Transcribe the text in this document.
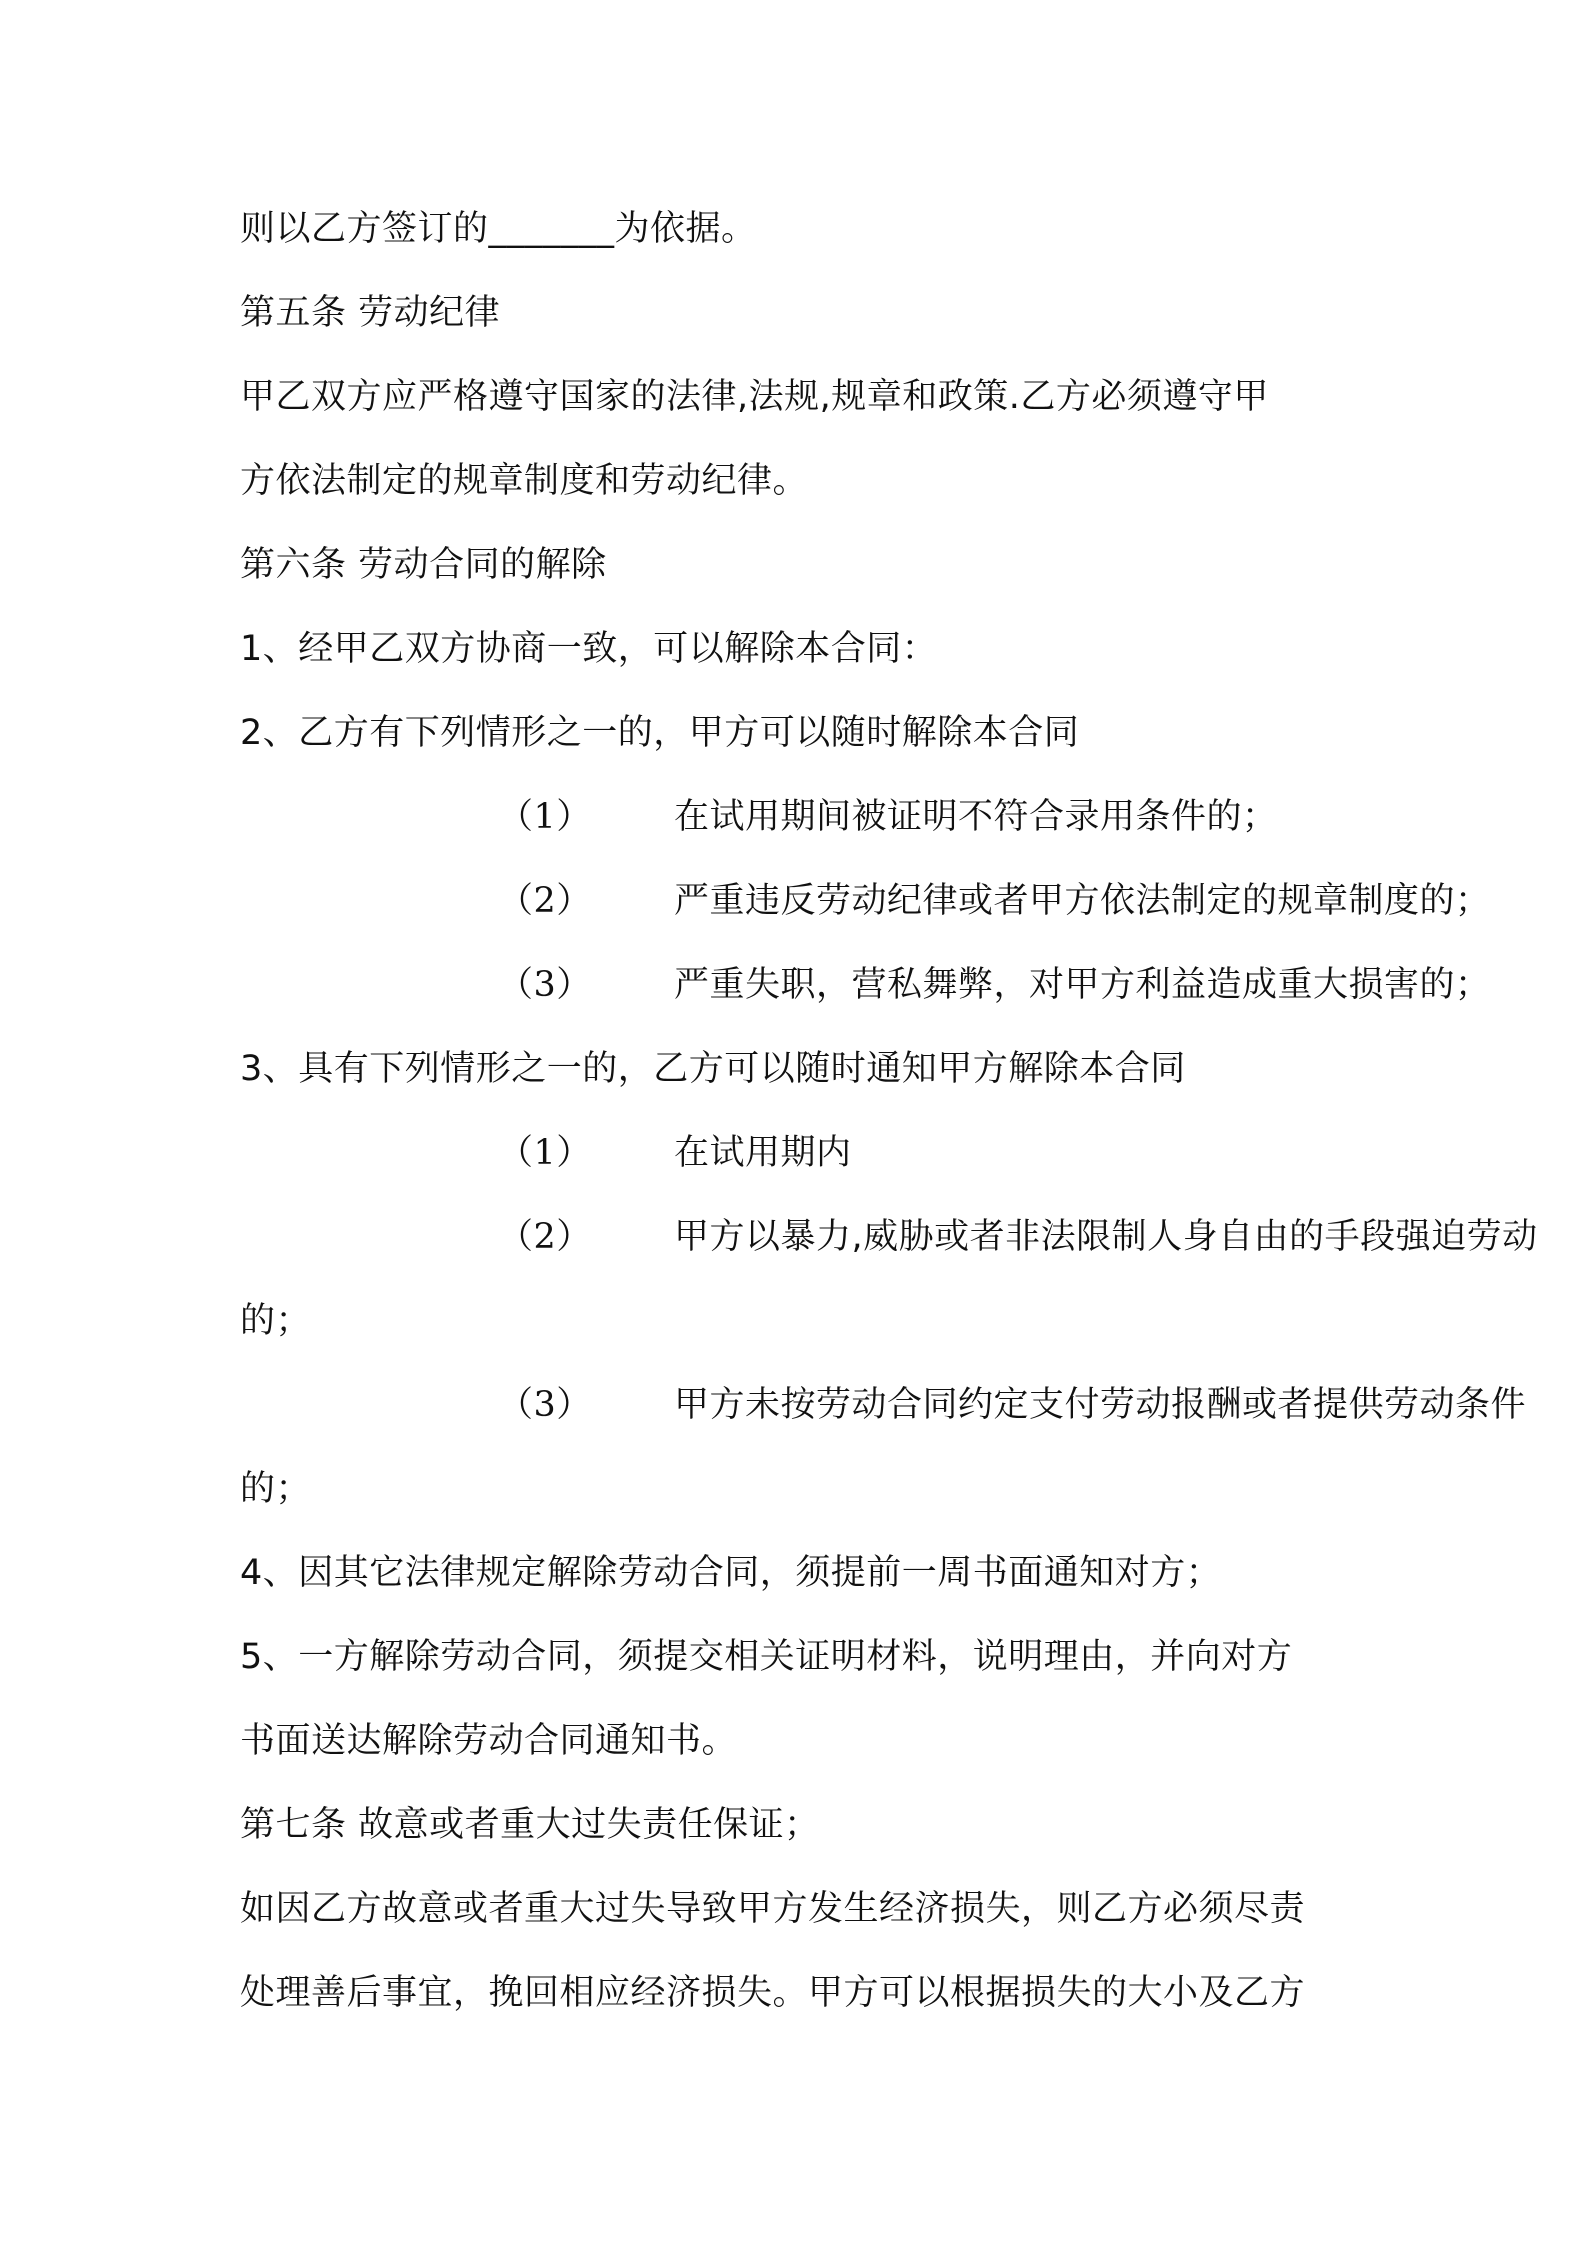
则以乙方签订的_______为依据。
第五条 劳动纪律
甲乙双方应严格遵守国家的法律,法规,规章和政策.乙方必须遵守甲
方依法制定的规章制度和劳动纪律。
第六条 劳动合同的解除
1、经甲乙双方协商一致，可以解除本合同：
2、乙方有下列情形之一的，甲方可以随时解除本合同
（1） 在试用期间被证明不符合录用条件的；
（2） 严重违反劳动纪律或者甲方依法制定的规章制度的；
（3） 严重失职，营私舞弊，对甲方利益造成重大损害的；
3、具有下列情形之一的，乙方可以随时通知甲方解除本合同
（1） 在试用期内
（2） 甲方以暴力,威胁或者非法限制人身自由的手段强迫劳动
的；
（3） 甲方未按劳动合同约定支付劳动报酬或者提供劳动条件
的；
4、因其它法律规定解除劳动合同，须提前一周书面通知对方；
5、一方解除劳动合同，须提交相关证明材料，说明理由，并向对方
书面送达解除劳动合同通知书。
第七条 故意或者重大过失责任保证；
如因乙方故意或者重大过失导致甲方发生经济损失，则乙方必须尽责
处理善后事宜，挽回相应经济损失。甲方可以根据损失的大小及乙方
